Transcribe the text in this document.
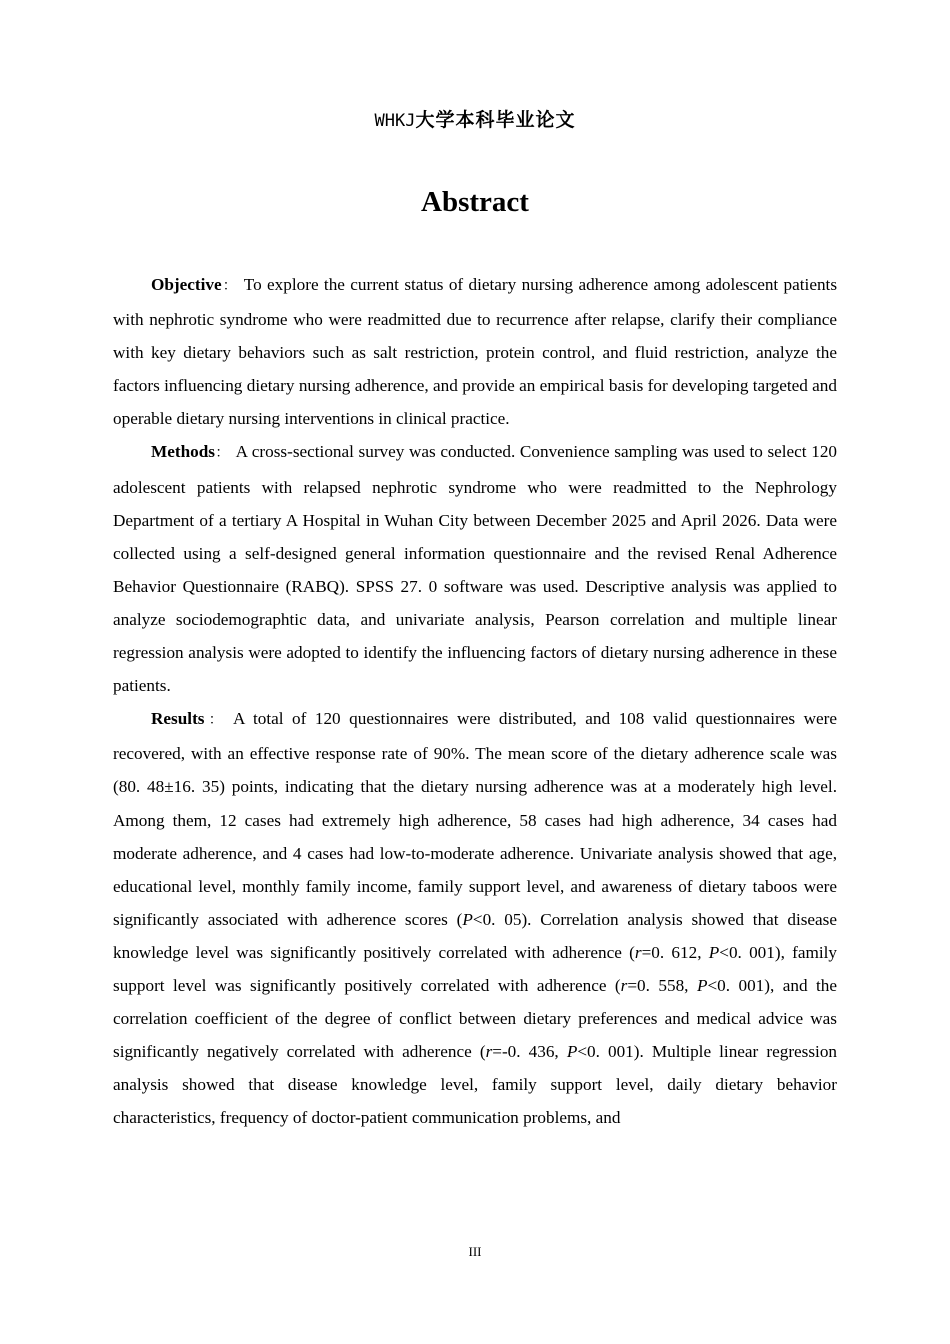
WHKJ大学本科毕业论文
Abstract

Objective： To explore the current status of dietary nursing adherence among adolescent patients with nephrotic syndrome who were readmitted due to recurrence after relapse, clarify their compliance with key dietary behaviors such as salt restriction, protein control, and fluid restriction, analyze the factors influencing dietary nursing adherence, and provide an empirical basis for developing targeted and operable dietary nursing interventions in clinical practice.

Methods： A cross-sectional survey was conducted. Convenience sampling was used to select 120 adolescent patients with relapsed nephrotic syndrome who were readmitted to the Nephrology Department of a tertiary A Hospital in Wuhan City between December 2025 and April 2026. Data were collected using a self-designed general information questionnaire and the revised Renal Adherence Behavior Questionnaire (RABQ). SPSS 27. 0 software was used. Descriptive analysis was applied to analyze sociodemographtic data, and univariate analysis, Pearson correlation and multiple linear regression analysis were adopted to identify the influencing factors of dietary nursing adherence in these patients.

Results： A total of 120 questionnaires were distributed, and 108 valid questionnaires were recovered, with an effective response rate of 90%. The mean score of the dietary adherence scale was (80. 48±16. 35) points, indicating that the dietary nursing adherence was at a moderately high level. Among them, 12 cases had extremely high adherence, 58 cases had high adherence, 34 cases had moderate adherence, and 4 cases had low-to-moderate adherence. Univariate analysis showed that age, educational level, monthly family income, family support level, and awareness of dietary taboos were significantly associated with adherence scores (P<0. 05). Correlation analysis showed that disease knowledge level was significantly positively correlated with adherence (r=0. 612, P<0. 001), family support level was significantly positively correlated with adherence (r=0. 558, P<0. 001), and the correlation coefficient of the degree of conflict between dietary preferences and medical advice was significantly negatively correlated with adherence (r=-0. 436, P<0. 001). Multiple linear regression analysis showed that disease knowledge level, family support level, daily dietary behavior characteristics, frequency of doctor-patient communication problems, and

III
